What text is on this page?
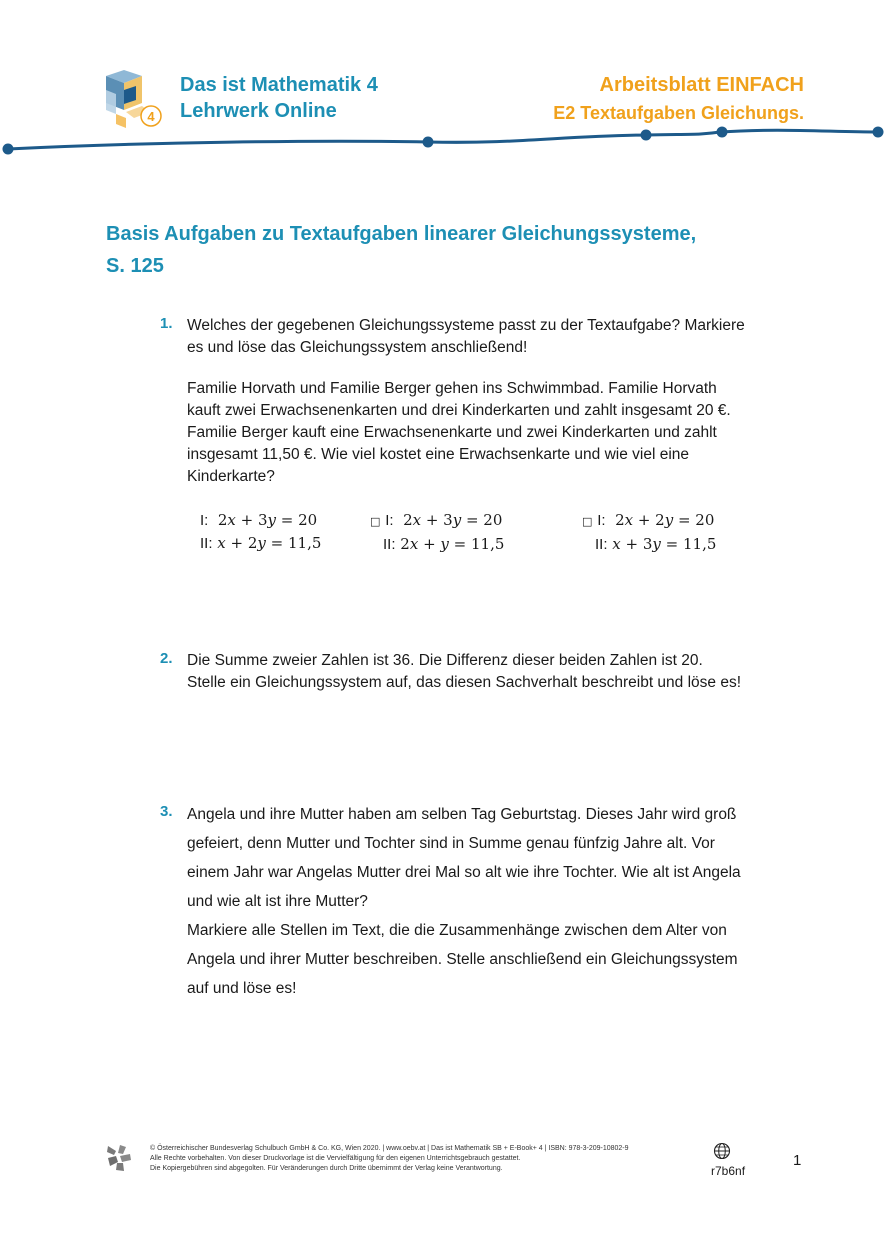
4
Das ist Mathematik 4
Lehrwerk Online
Arbeitsblatt EINFACH
E2 Textaufgaben Gleichungs.
Basis Aufgaben zu Textaufgaben linearer Gleichungssysteme,
S. 125
1. Welches der gegebenen Gleichungssysteme passt zu der Textaufgabe? Markiere
es und löse das Gleichungssystem anschließend!
Familie Horvath und Familie Berger gehen ins Schwimmbad. Familie Horvath
kauft zwei Erwachsenenkarten und drei Kinderkarten und zahlt insgesamt 20 €.
Familie Berger kauft eine Erwachsenenkarte und zwei Kinderkarten und zahlt
insgesamt 11,50 €. Wie viel kostet eine Erwachsenkarte und wie viel eine
Kinderkarte?
I: 2𝑥 + 3𝑦 = 20
II: 𝑥 + 2𝑦 = 11,5
□ I: 2𝑥 + 3𝑦 = 20
II: 2𝑥 + 𝑦 = 11,5
□ I: 2𝑥 + 2𝑦 = 20
II: 𝑥 + 3𝑦 = 11,5
2. Die Summe zweier Zahlen ist 36. Die Differenz dieser beiden Zahlen ist 20.
Stelle ein Gleichungssystem auf, das diesen Sachverhalt beschreibt und löse es!
3. Angela und ihre Mutter haben am selben Tag Geburtstag. Dieses Jahr wird groß
gefeiert, denn Mutter und Tochter sind in Summe genau fünfzig Jahre alt. Vor
einem Jahr war Angelas Mutter drei Mal so alt wie ihre Tochter. Wie alt ist Angela
und wie alt ist ihre Mutter?
Markiere alle Stellen im Text, die die Zusammenhänge zwischen dem Alter von
Angela und ihrer Mutter beschreiben. Stelle anschließend ein Gleichungssystem
auf und löse es!
© Österreichischer Bundesverlag Schulbuch GmbH & Co. KG, Wien 2020. | www.oebv.at | Das ist Mathematik SB + E-Book+ 4 | ISBN: 978-3-209-10802-9
Alle Rechte vorbehalten. Von dieser Druckvorlage ist die Vervielfältigung für den eigenen Unterrichtsgebrauch gestattet.
Die Kopiergebühren sind abgegolten. Für Veränderungen durch Dritte übernimmt der Verlag keine Verantwortung.	r7b6nf
1
